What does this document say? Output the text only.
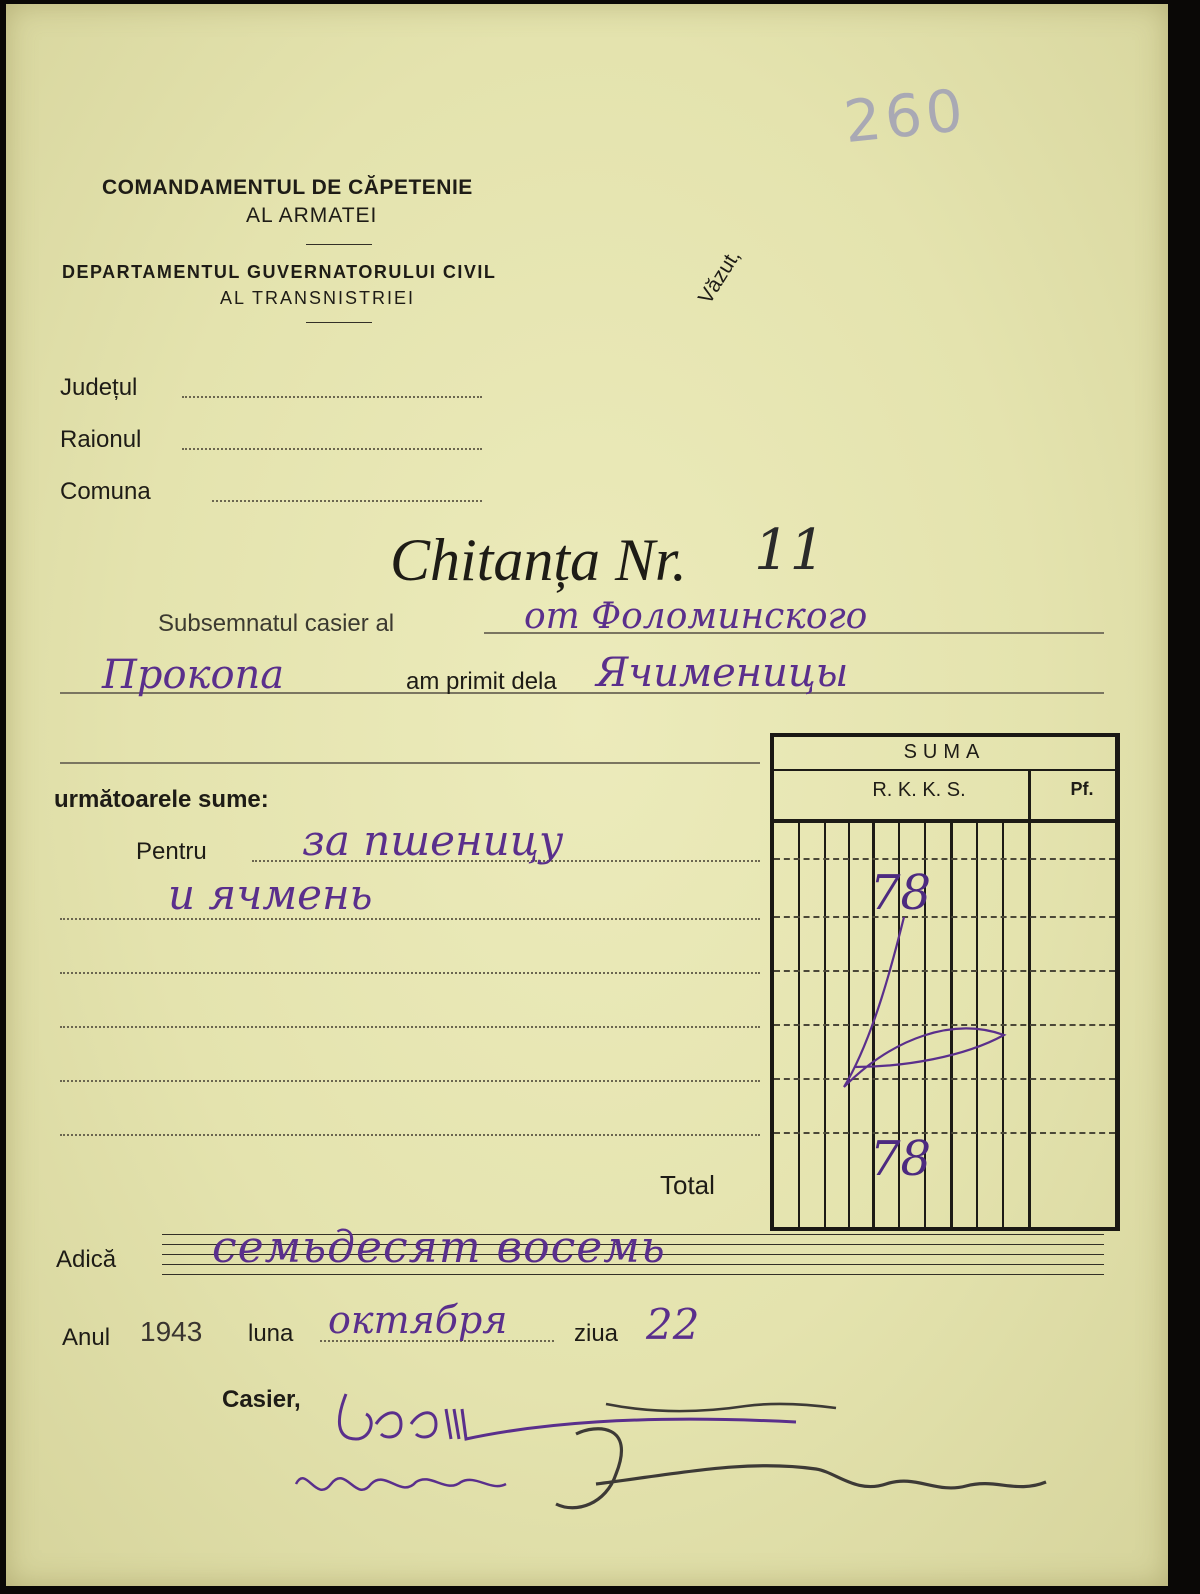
260
COMANDAMENTUL DE CĂPETENIE
AL ARMATEI
DEPARTAMENTUL GUVERNATORULUI CIVIL
AL TRANSNISTRIEI	Văzut,
Județul
Raionul
Comuna
Chitanța Nr. 11
Subsemnatul casier al	от Фоломинского
Прокопа	am primit dela Ячименицы
următoarele sume:
Pentru за пшеницу
и ячмень
Total
SUMA
R. K. K. S.	Pf.
78
78
Adică семьдесят восемь
Anul 1943 luna октября	ziua 22
Casier,
